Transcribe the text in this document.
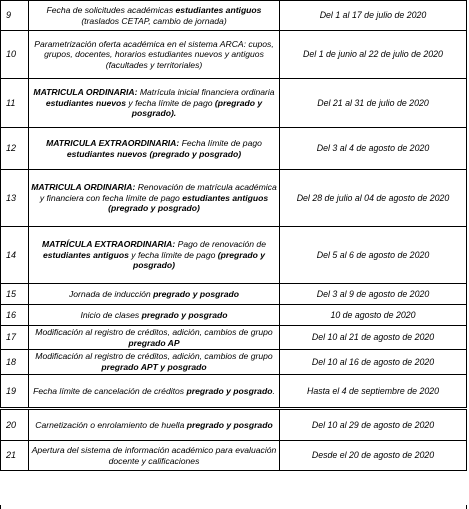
9	Fecha de solicitudes académicas estudiantes antiguos (traslados CETAP, cambio de jornada)	Del 1 al 17 de julio de 2020
10	Parametrización oferta académica en el sistema ARCA: cupos, grupos, docentes, horarios estudiantes nuevos y antiguos (facultades y territoriales)	Del 1 de junio al 22 de julio de 2020
11	MATRICULA ORDINARIA: Matrícula inicial financiera ordinaria estudiantes nuevos y fecha límite de pago (pregrado y posgrado).	Del 21 al 31 de julio de 2020
12	MATRICULA EXTRAORDINARIA: Fecha límite de pago estudiantes nuevos (pregrado y posgrado)	Del 3 al 4 de agosto de 2020
13	MATRICULA ORDINARIA: Renovación de matrícula académica y financiera con fecha límite de pago estudiantes antiguos (pregrado y posgrado)	Del 28 de julio al 04 de agosto de 2020
14	MATRÍCULA EXTRAORDINARIA: Pago de renovación de estudiantes antiguos y fecha límite de pago (pregrado y posgrado)	Del 5 al 6 de agosto de 2020
15	Jornada de inducción pregrado y posgrado	Del 3 al 9 de agosto de 2020
16	Inicio de clases pregrado y posgrado	10 de agosto de 2020
17	Modificación al registro de créditos, adición, cambios de grupo pregrado AP	Del 10 al 21 de agosto de 2020
18	Modificación al registro de créditos, adición, cambios de grupo pregrado APT y posgrado	Del 10 al 16 de agosto de 2020
19	Fecha límite de cancelación de créditos pregrado y posgrado.	Hasta el 4 de septiembre de 2020
20	Carnetización o enrolamiento de huella pregrado y posgrado	Del 10 al 29 de agosto de 2020
21	Apertura del sistema de información académico para evaluación docente y calificaciones	Desde el 20 de agosto de 2020
